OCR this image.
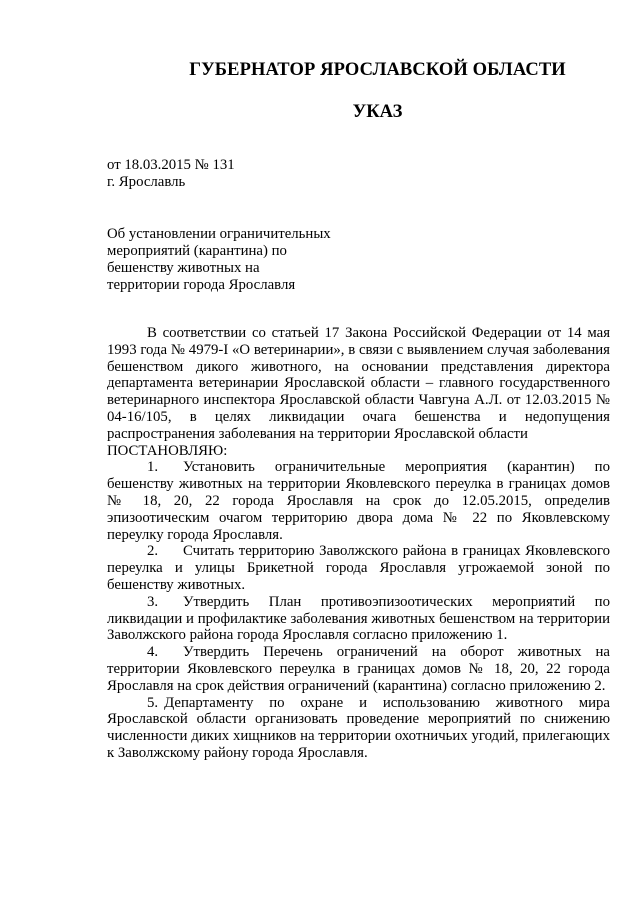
ГУБЕРНАТОР ЯРОСЛАВСКОЙ ОБЛАСТИ
УКАЗ
от 18.03.2015 № 131
г. Ярославль
Об установлении ограничительных
мероприятий (карантина) по
бешенству животных на
территории города Ярославля

В соответствии со статьей 17 Закона Российской Федерации от 14 мая 1993 года № 4979-I «О ветеринарии», в связи с выявлением случая заболевания бешенством дикого животного, на основании представления директора департамента ветеринарии Ярославской области – главного государственного ветеринарного инспектора Ярославской области Чавгуна А.Л. от 12.03.2015 № 04-16/105, в целях ликвидации очага бешенства и недопущения распространения заболевания на территории Ярославской области

ПОСТАНОВЛЯЮ:

1. Установить ограничительные мероприятия (карантин) по бешенству животных на территории Яковлевского переулка в границах домов № 18, 20, 22 города Ярославля на срок до 12.05.2015, определив эпизоотическим очагом территорию двора дома № 22 по Яковлевскому переулку города Ярославля.

2. Считать территорию Заволжского района в границах Яковлевского переулка и улицы Брикетной города Ярославля угрожаемой зоной по бешенству животных.

3. Утвердить План противоэпизоотических мероприятий по ликвидации и профилактике заболевания животных бешенством на территории Заволжского района города Ярославля согласно приложению 1.

4. Утвердить Перечень ограничений на оборот животных на территории Яковлевского переулка в границах домов № 18, 20, 22 города Ярославля на срок действия ограничений (карантина) согласно приложению 2.

5. Департаменту по охране и использованию животного мира Ярославской области организовать проведение мероприятий по снижению численности диких хищников на территории охотничьих угодий, прилегающих к Заволжскому району города Ярославля.
